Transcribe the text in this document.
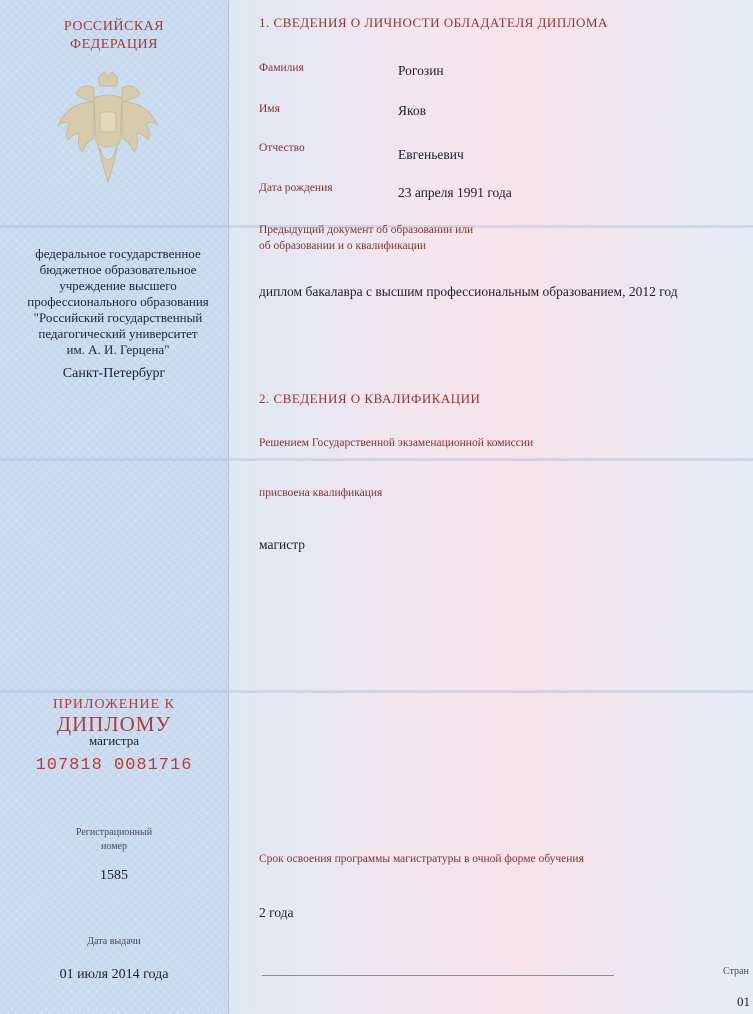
РОССИЙСКАЯ
ФЕДЕРАЦИЯ
федеральное государственное
бюджетное образовательное
учреждение высшего
профессионального образования
"Российский государственный
педагогический университет
им. А. И. Герцена"
Санкт-Петербург
ПРИЛОЖЕНИЕ К
ДИПЛОМУ
магистра
107818 0081716
Регистрационный
номер
1585
Дата выдачи
01 июля 2014 года
1. СВЕДЕНИЯ О ЛИЧНОСТИ ОБЛАДАТЕЛЯ ДИПЛОМА
Фамилия	Рогозин
Имя	Яков
Отчество	Евгеньевич
Дата рождения	23 апреля 1991 года
Предыдущий документ об образовании или
об образовании и о квалификации
диплом бакалавра с высшим профессиональным образованием, 2012 год
2. СВЕДЕНИЯ О КВАЛИФИКАЦИИ
Решением Государственной экзаменационной комиссии
присвоена квалификация
магистр
Срок освоения программы магистратуры в очной форме обучения
2 года
Стран
01
